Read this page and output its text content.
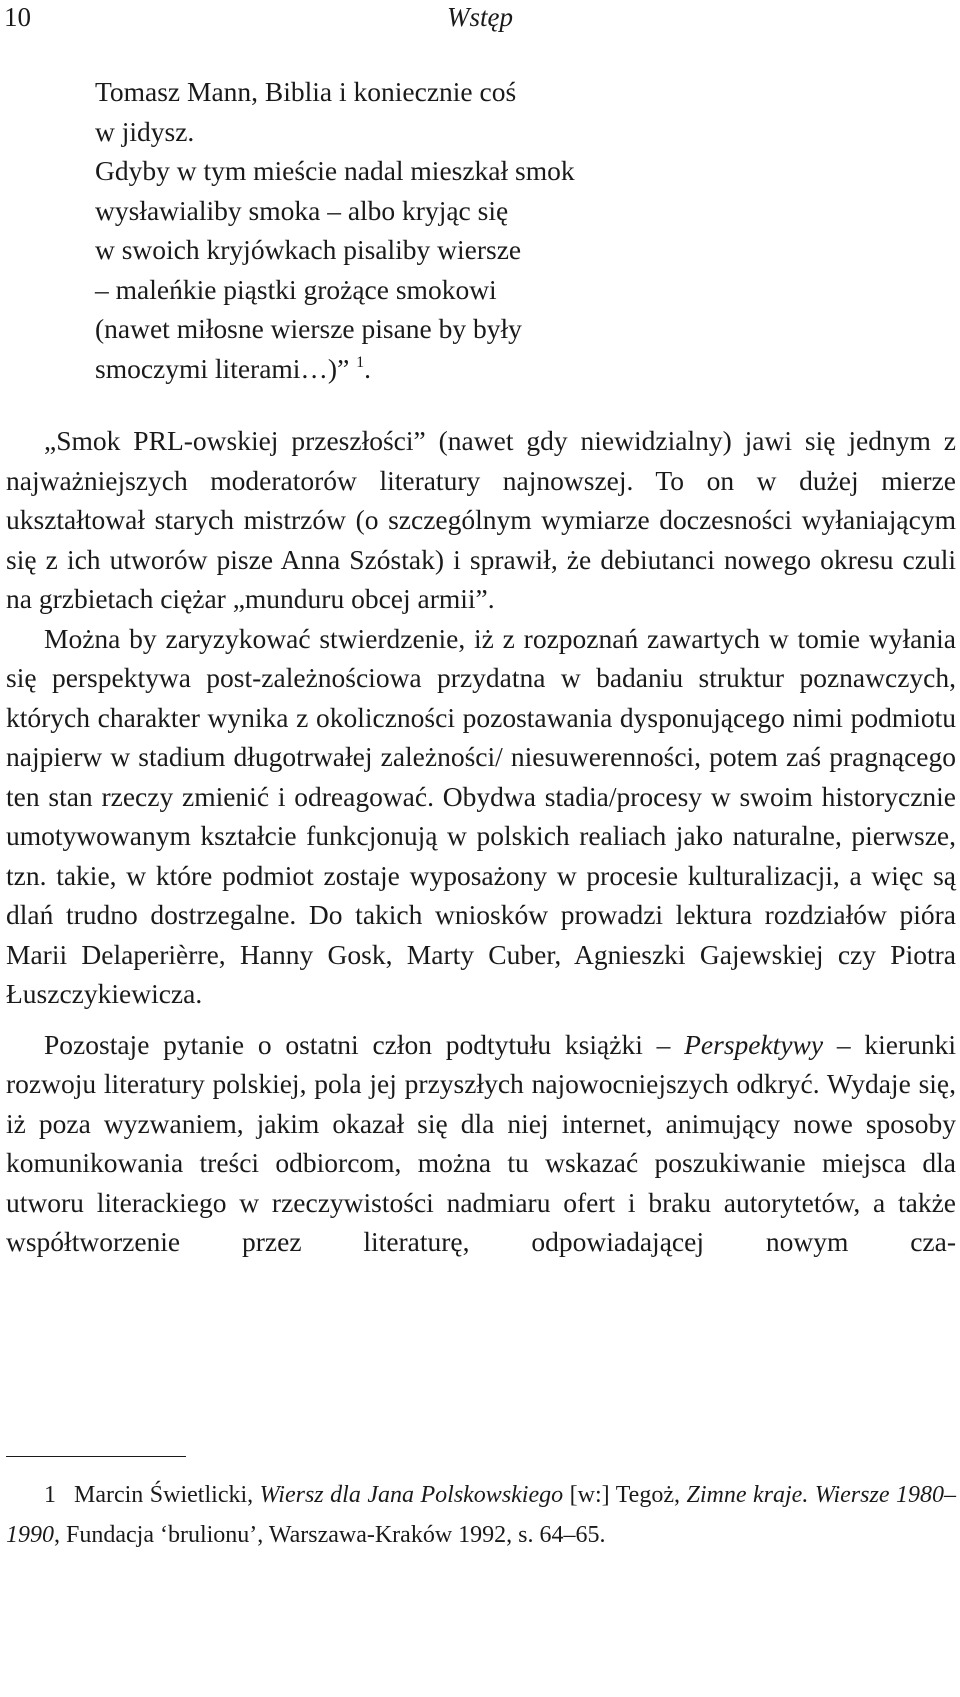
10	Wstęp
Tomasz Mann, Biblia i koniecznie coś
w jidysz.
Gdyby w tym mieście nadal mieszkał smok
wysławialiby smoka – albo kryjąc się
w swoich kryjówkach pisaliby wiersze
– maleńkie piąstki grożące smokowi
(nawet miłosne wiersze pisane by były
smoczymi literami…)” $^1$.

„Smok PRL-owskiej przeszłości” (nawet gdy niewidzialny) jawi się jednym z najważniejszych moderatorów literatury najnowszej. To on w dużej mierze ukształtował starych mistrzów (o szczególnym wymiarze doczesności wyłaniającym się z ich utworów pisze Anna Szóstak) i sprawił, że debiutanci nowego okresu czuli na grzbietach ciężar „munduru obcej armii”.

Można by zaryzykować stwierdzenie, iż z rozpoznań zawartych w tomie wyłania się perspektywa post-zależnościowa przydatna w badaniu struktur poznawczych, których charakter wynika z okoliczności pozostawania dysponującego nimi podmiotu najpierw w stadium długotrwałej zależności/ niesuwerenności, potem zaś pragnącego ten stan rzeczy zmienić i odreagować. Obydwa stadia/procesy w swoim historycznie umotywowanym kształcie funkcjonują w polskich realiach jako naturalne, pierwsze, tzn. takie, w które podmiot zostaje wyposażony w procesie kulturalizacji, a więc są dlań trudno dostrzegalne. Do takich wniosków prowadzi lektura rozdziałów pióra Marii Delaperièrre, Hanny Gosk, Marty Cuber, Agnieszki Gajewskiej czy Piotra Łuszczykiewicza.

Pozostaje pytanie o ostatni człon podtytułu książki – Perspektywy – kierunki rozwoju literatury polskiej, pola jej przyszłych najowocniejszych odkryć. Wydaje się, iż poza wyzwaniem, jakim okazał się dla niej internet, animujący nowe sposoby komunikowania treści odbiorcom, można tu wskazać poszukiwanie miejsca dla utworu literackiego w rzeczywistości nadmiaru ofert i braku autorytetów, a także współtworzenie przez literaturę, odpowiadającej nowym cza-

1 Marcin Świetlicki, Wiersz dla Jana Polskowskiego [w:] Tegoż, Zimne kraje. Wiersze 1980–1990, Fundacja ‘brulionu’, Warszawa-Kraków 1992, s. 64–65.
